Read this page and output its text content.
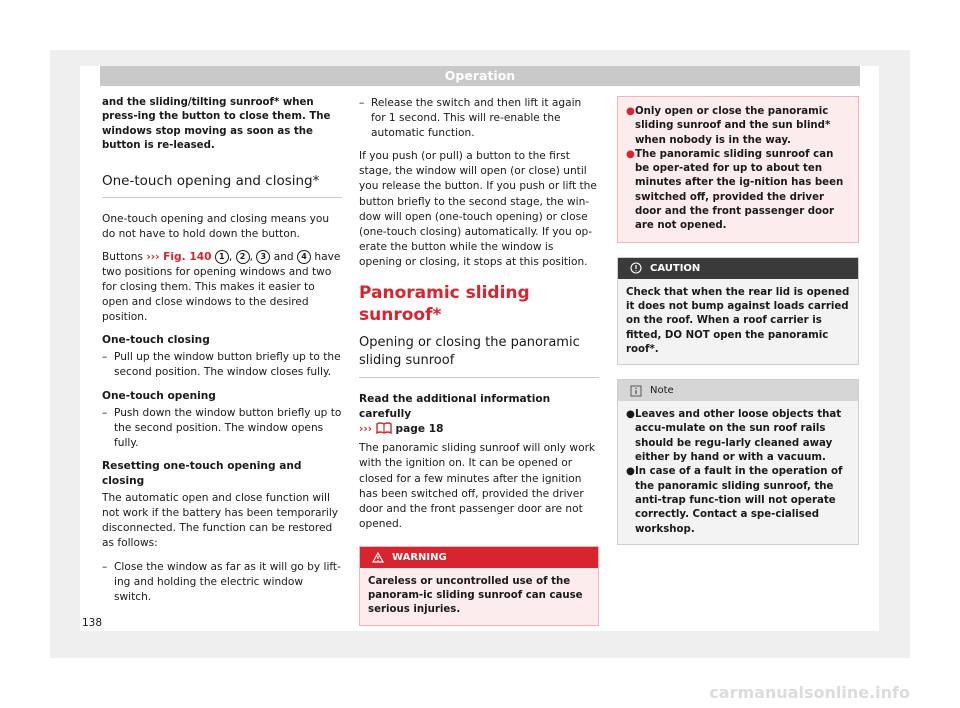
Operation

and the sliding/tilting sunroof* when press-ing the button to close them. The windows stop moving as soon as the button is re-leased.

One-touch opening and closing*

One-touch opening and closing means you do not have to hold down the button.

Buttons ››› Fig. 140 1 , 2 , 3 and 4 have two positions for opening windows and two for closing them. This makes it easier to open and close windows to the desired position.

One-touch closing

– Pull up the window button briefly up to the second position. The window closes fully.

One-touch opening

– Push down the window button briefly up to the second position. The window opens fully.

Resetting one-touch opening and closing

The automatic open and close function will not work if the battery has been temporarily disconnected. The function can be restored as follows:

– Close the window as far as it will go by lift-ing and holding the electric window switch.
– Release the switch and then lift it again for 1 second. This will re-enable the automatic function.

If you push (or pull) a button to the first stage, the window will open (or close) until you release the button. If you push or lift the button briefly to the second stage, the win-dow will open (one-touch opening) or close (one-touch closing) automatically. If you op-erate the button while the window is opening or closing, it stops at this position.

Panoramic sliding sunroof*
Opening or closing the panoramic sliding sunroof

Read the additional information carefully
››› page 18

The panoramic sliding sunroof will only work with the ignition on. It can be opened or closed for a few minutes after the ignition has been switched off, provided the driver door and the front passenger door are not opened.

WARNING
Careless or uncontrolled use of the panoram-ic sliding sunroof can cause serious injuries.
● Only open or close the panoramic sliding sunroof and the sun blind* when nobody is in the way.
● The panoramic sliding sunroof can be oper-ated for up to about ten minutes after the ig-nition has been switched off, provided the driver door and the front passenger door are not opened.
CAUTION
Check that when the rear lid is opened it does not bump against loads carried on the roof. When a roof carrier is fitted, DO NOT open the panoramic roof*.
Note
● Leaves and other loose objects that accu-mulate on the sun roof rails should be regu-larly cleaned away either by hand or with a vacuum.
● In case of a fault in the operation of the panoramic sliding sunroof, the anti-trap func-tion will not operate correctly. Contact a spe-cialised workshop.
138
carmanualsonline.info
